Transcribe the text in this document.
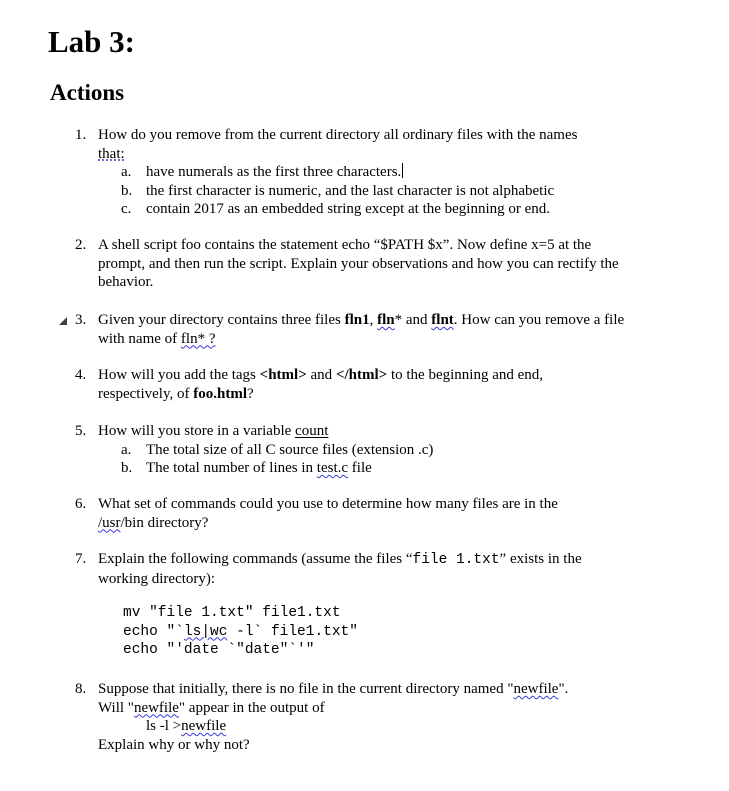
Lab 3:
Actions
1. How do you remove from the current directory all ordinary files with the names
that:
a. have numerals as the first three characters.
b. the first character is numeric, and the last character is not alphabetic
c. contain 2017 as an embedded string except at the beginning or end.
2. A shell script foo contains the statement echo “$PATH $x”. Now define x=5 at the prompt, and then run the script. Explain your observations and how you can rectify the behavior.
3. Given your directory contains three files fln1, fln* and flnt. How can you remove a file with name of fln* ?
4. How will you add the tags <html> and </html> to the beginning and end, respectively, of foo.html?
5. How will you store in a variable count
a. The total size of all C source files (extension .c)
b. The total number of lines in test.c file
6. What set of commands could you use to determine how many files are in the /usr/bin directory?
7. Explain the following commands (assume the files “file 1.txt” exists in the working directory):
mv "file 1.txt" file1.txt
echo "`ls|wc -l` file1.txt"
echo "'date `"date"`'"
8. Suppose that initially, there is no file in the current directory named "newfile".
Will "newfile" appear in the output of
ls -l >newfile
Explain why or why not?
